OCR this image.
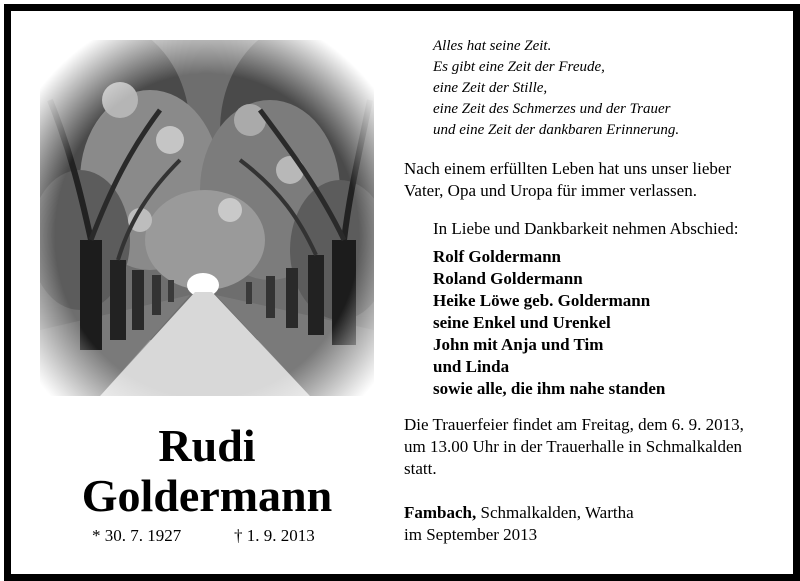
Rudi
Goldermann
* 30. 7. 1927	† 1. 9. 2013
Alles hat seine Zeit.
Es gibt eine Zeit der Freude,
eine Zeit der Stille,
eine Zeit des Schmerzes und der Trauer
und eine Zeit der dankbaren Erinnerung.
Nach einem erfüllten Leben hat uns unser lieber Vater, Opa und Uropa für immer verlassen.
In Liebe und Dankbarkeit nehmen Abschied:
Rolf Goldermann
Roland Goldermann
Heike Löwe geb. Goldermann
seine Enkel und Urenkel
John mit Anja und Tim
und Linda
sowie alle, die ihm nahe standen
Die Trauerfeier findet am Freitag, dem 6. 9. 2013, um 13.00 Uhr in der Trauerhalle in Schmalkalden statt.
Fambach, Schmalkalden, Wartha
im September 2013
